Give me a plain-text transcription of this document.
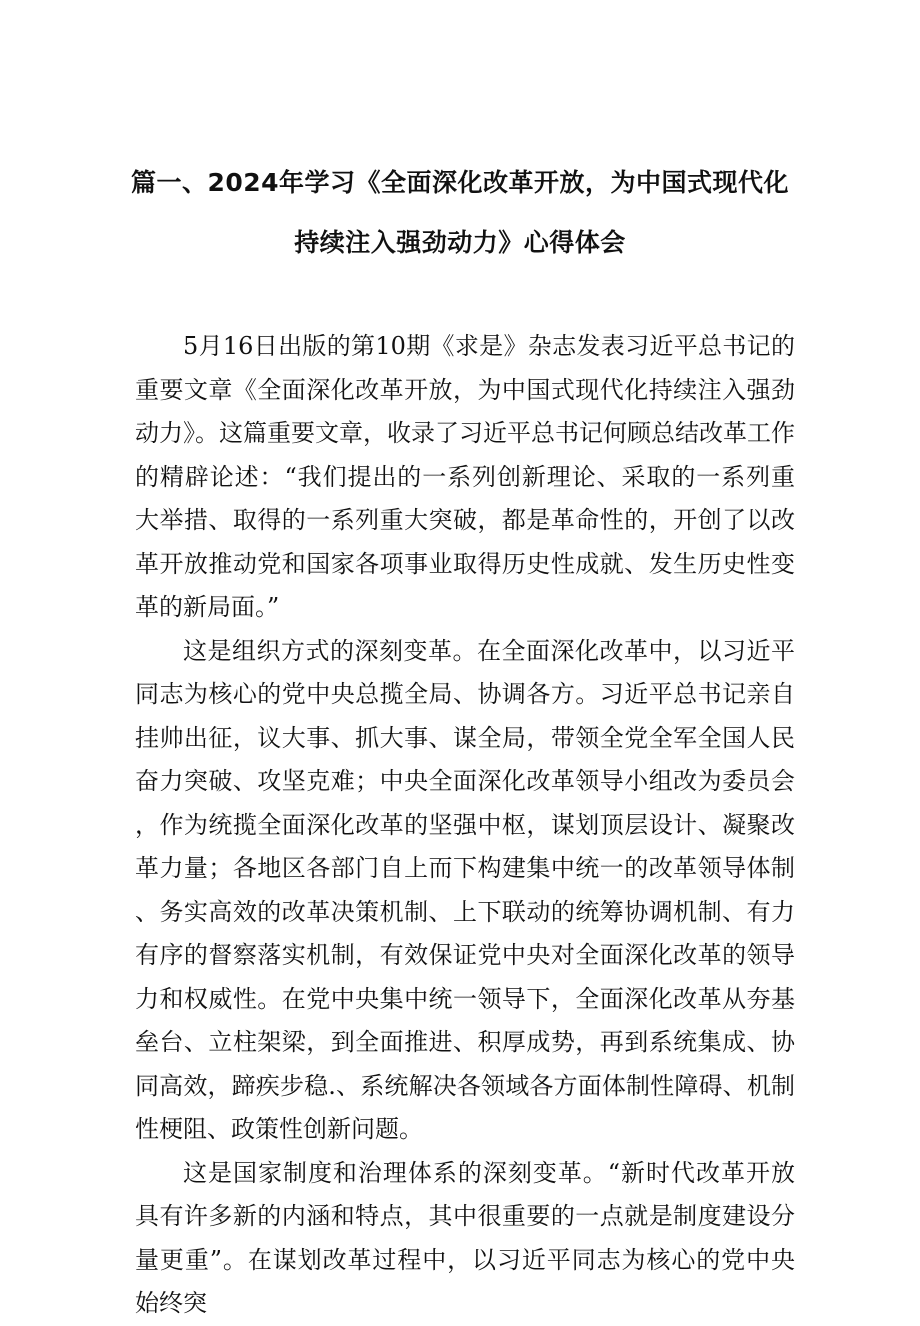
篇一、2024年学习《全面深化改革开放，为中国式现代化
持续注入强劲动力》心得体会

5月16日出版的第10期《求是》杂志发表习近平总书记的重要文章《全面深化改革开放，为中国式现代化持续注入强劲动力》。这篇重要文章，收录了习近平总书记何顾总结改革工作的精辟论述：“我们提出的一系列创新理论、采取的一系列重大举措、取得的一系列重大突破，都是革命性的，开创了以改革开放推动党和国家各项事业取得历史性成就、发生历史性变革的新局面。”

这是组织方式的深刻变革。在全面深化改革中，以习近平同志为核心的党中央总揽全局、协调各方。习近平总书记亲自挂帅出征，议大事、抓大事、谋全局，带领全党全军全国人民奋力突破、攻坚克难；中央全面深化改革领导小组改为委员会，作为统揽全面深化改革的坚强中枢，谋划顶层设计、凝聚改革力量；各地区各部门自上而下构建集中统一的改革领导体制、务实高效的改革决策机制、上下联动的统筹协调机制、有力有序的督察落实机制，有效保证党中央对全面深化改革的领导力和权威性。在党中央集中统一领导下，全面深化改革从夯基垒台、立柱架梁，到全面推进、积厚成势，再到系统集成、协同高效，蹄疾步稳.、系统解决各领域各方面体制性障碍、机制性梗阻、政策性创新问题。

这是国家制度和治理体系的深刻变革。“新时代改革开放具有许多新的内涵和特点，其中很重要的一点就是制度建设分量更重”。在谋划改革过程中，以习近平同志为核心的党中央始终突
